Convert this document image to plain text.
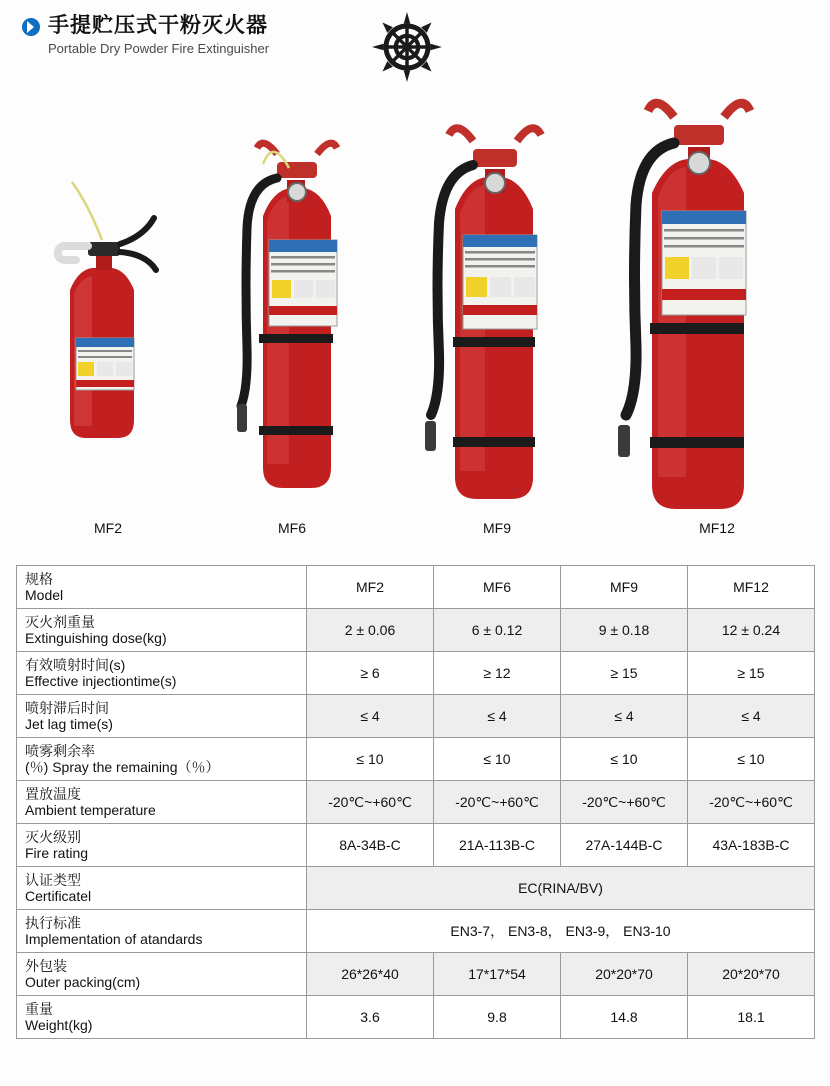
手提贮压式干粉灭火器
Portable Dry Powder Fire Extinguisher
MF2	MF6	MF9	MF12
规格
Model	MF2	MF6	MF9	MF12

灭火剂重量
Extinguishing dose(kg)	2 ± 0.06	6 ± 0.12	9 ± 0.18	12 ± 0.24

有效喷射时间(s)
Effective injectiontime(s)	≥ 6	≥ 12	≥ 15	≥ 15

喷射滞后时间
Jet lag time(s)	≤ 4	≤ 4	≤ 4	≤ 4

喷雾剩余率
(％) Spray the remaining（％）	≤ 10	≤ 10	≤ 10	≤ 10

置放温度
Ambient temperature	-20℃~+60℃	-20℃~+60℃	-20℃~+60℃	-20℃~+60℃

灭火级别
Fire rating	8A-34B-C	21A-113B-C	27A-144B-C	43A-183B-C

认证类型
Certificatel	EC(RINA/BV)			

执行标准
Implementation of atandards	EN3-7， EN3-8， EN3-9， EN3-10			

外包装
Outer packing(cm)	26*26*40	17*17*54	20*20*70	20*20*70

重量
Weight(kg)	3.6	9.8	14.8	18.1
